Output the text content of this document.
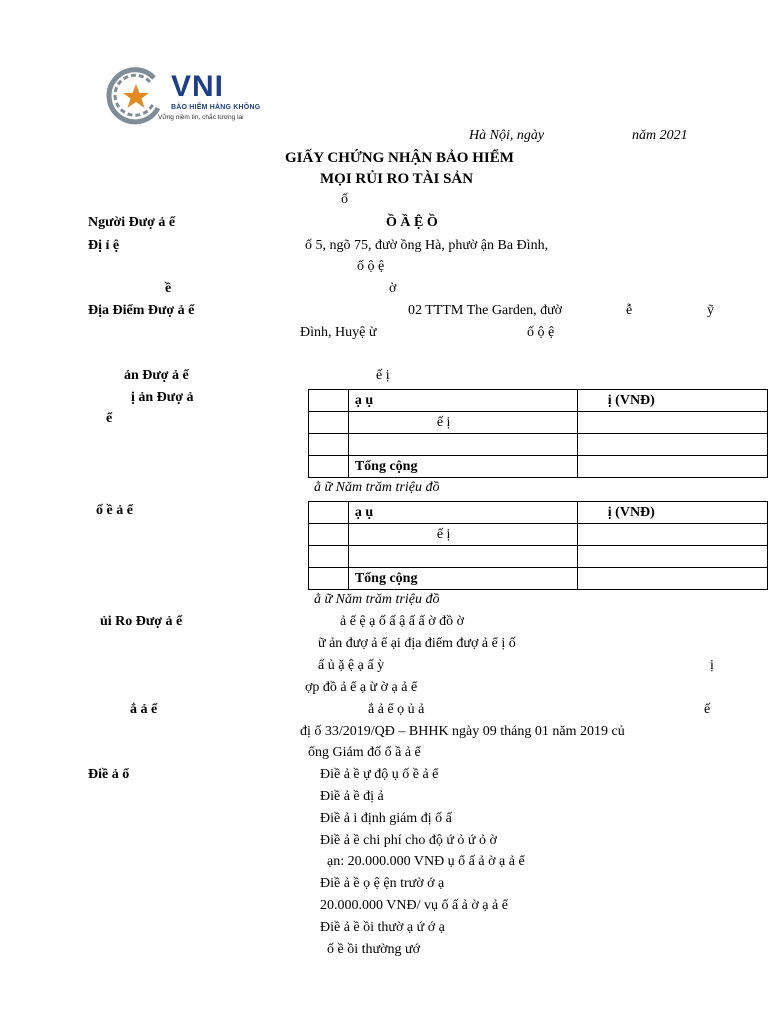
VNI
BẢO HIỂM HÀNG KHÔNG
Vững niềm tin, chắc tương lai
Hà Nội, ngày	năm 2021
GIẤY CHỨNG NHẬN BẢO HIỂM
MỌI RỦI RO TÀI SẢN
ố
Người Đượ ả ể	Ồ Ầ Ệ Ồ
Đị ỉ ệ	ố 5, ngõ 75, đườ ồng Hà, phườ ận Ba Đình,
ố ộ ệ
ề	ờ
Địa Điểm Đượ ả ể	02 TTTM The Garden, đườ	ễ	ỹ
Đình, Huyệ ừ	ố ộ ệ
ản Đượ ả ể	ế ị
ị ản Đượ ả
ể
	ạ ụ	ị (VNĐ)
	ế ị	

	Tổng cộng	
ằ ữ Năm trăm triệu đồ
ố ề ả ể
		ạ ụ	ị (VNĐ)
	ế ị	

	Tổng cộng	
ằ ữ Năm trăm triệu đồ
ủi Ro Đượ ả ể	ả ể ệ ạ ố ấ ậ ấ ấ ờ đồ ờ
ữ ản đượ ả ể ại địa điểm đượ ả ể ị ố
ấ ủ ặ ệ ạ ấ ỳ	ị
ợp đồ ả ể ạ ừ ờ ạ ả ể
ắ ả ể	ắ ả ể ọ ủ ả	ế
đị ố 33/2019/QĐ – BHHK ngày 09 tháng 01 năm 2019 củ
ổng Giám đố ổ ầ ả ể
Điề ả ổ	Điề ả ề ự độ ụ ố ề ả ể
Điề ả ề đị ả
Điề ả i định giám đị ố ấ
Điề ả ề chi phí cho độ ứ ỏ ứ ỏ ờ
ạn: 20.000.000 VNĐ ụ ổ ấ ả ờ ạ ả ể
Điề ả ề ọ ệ ện trườ ớ ạ
20.000.000 VNĐ/ vụ ổ ấ ả ờ ạ ả ể
Điề ả ề ồi thườ ạ ứ ớ ạ
ố ề ồi thường ướ
